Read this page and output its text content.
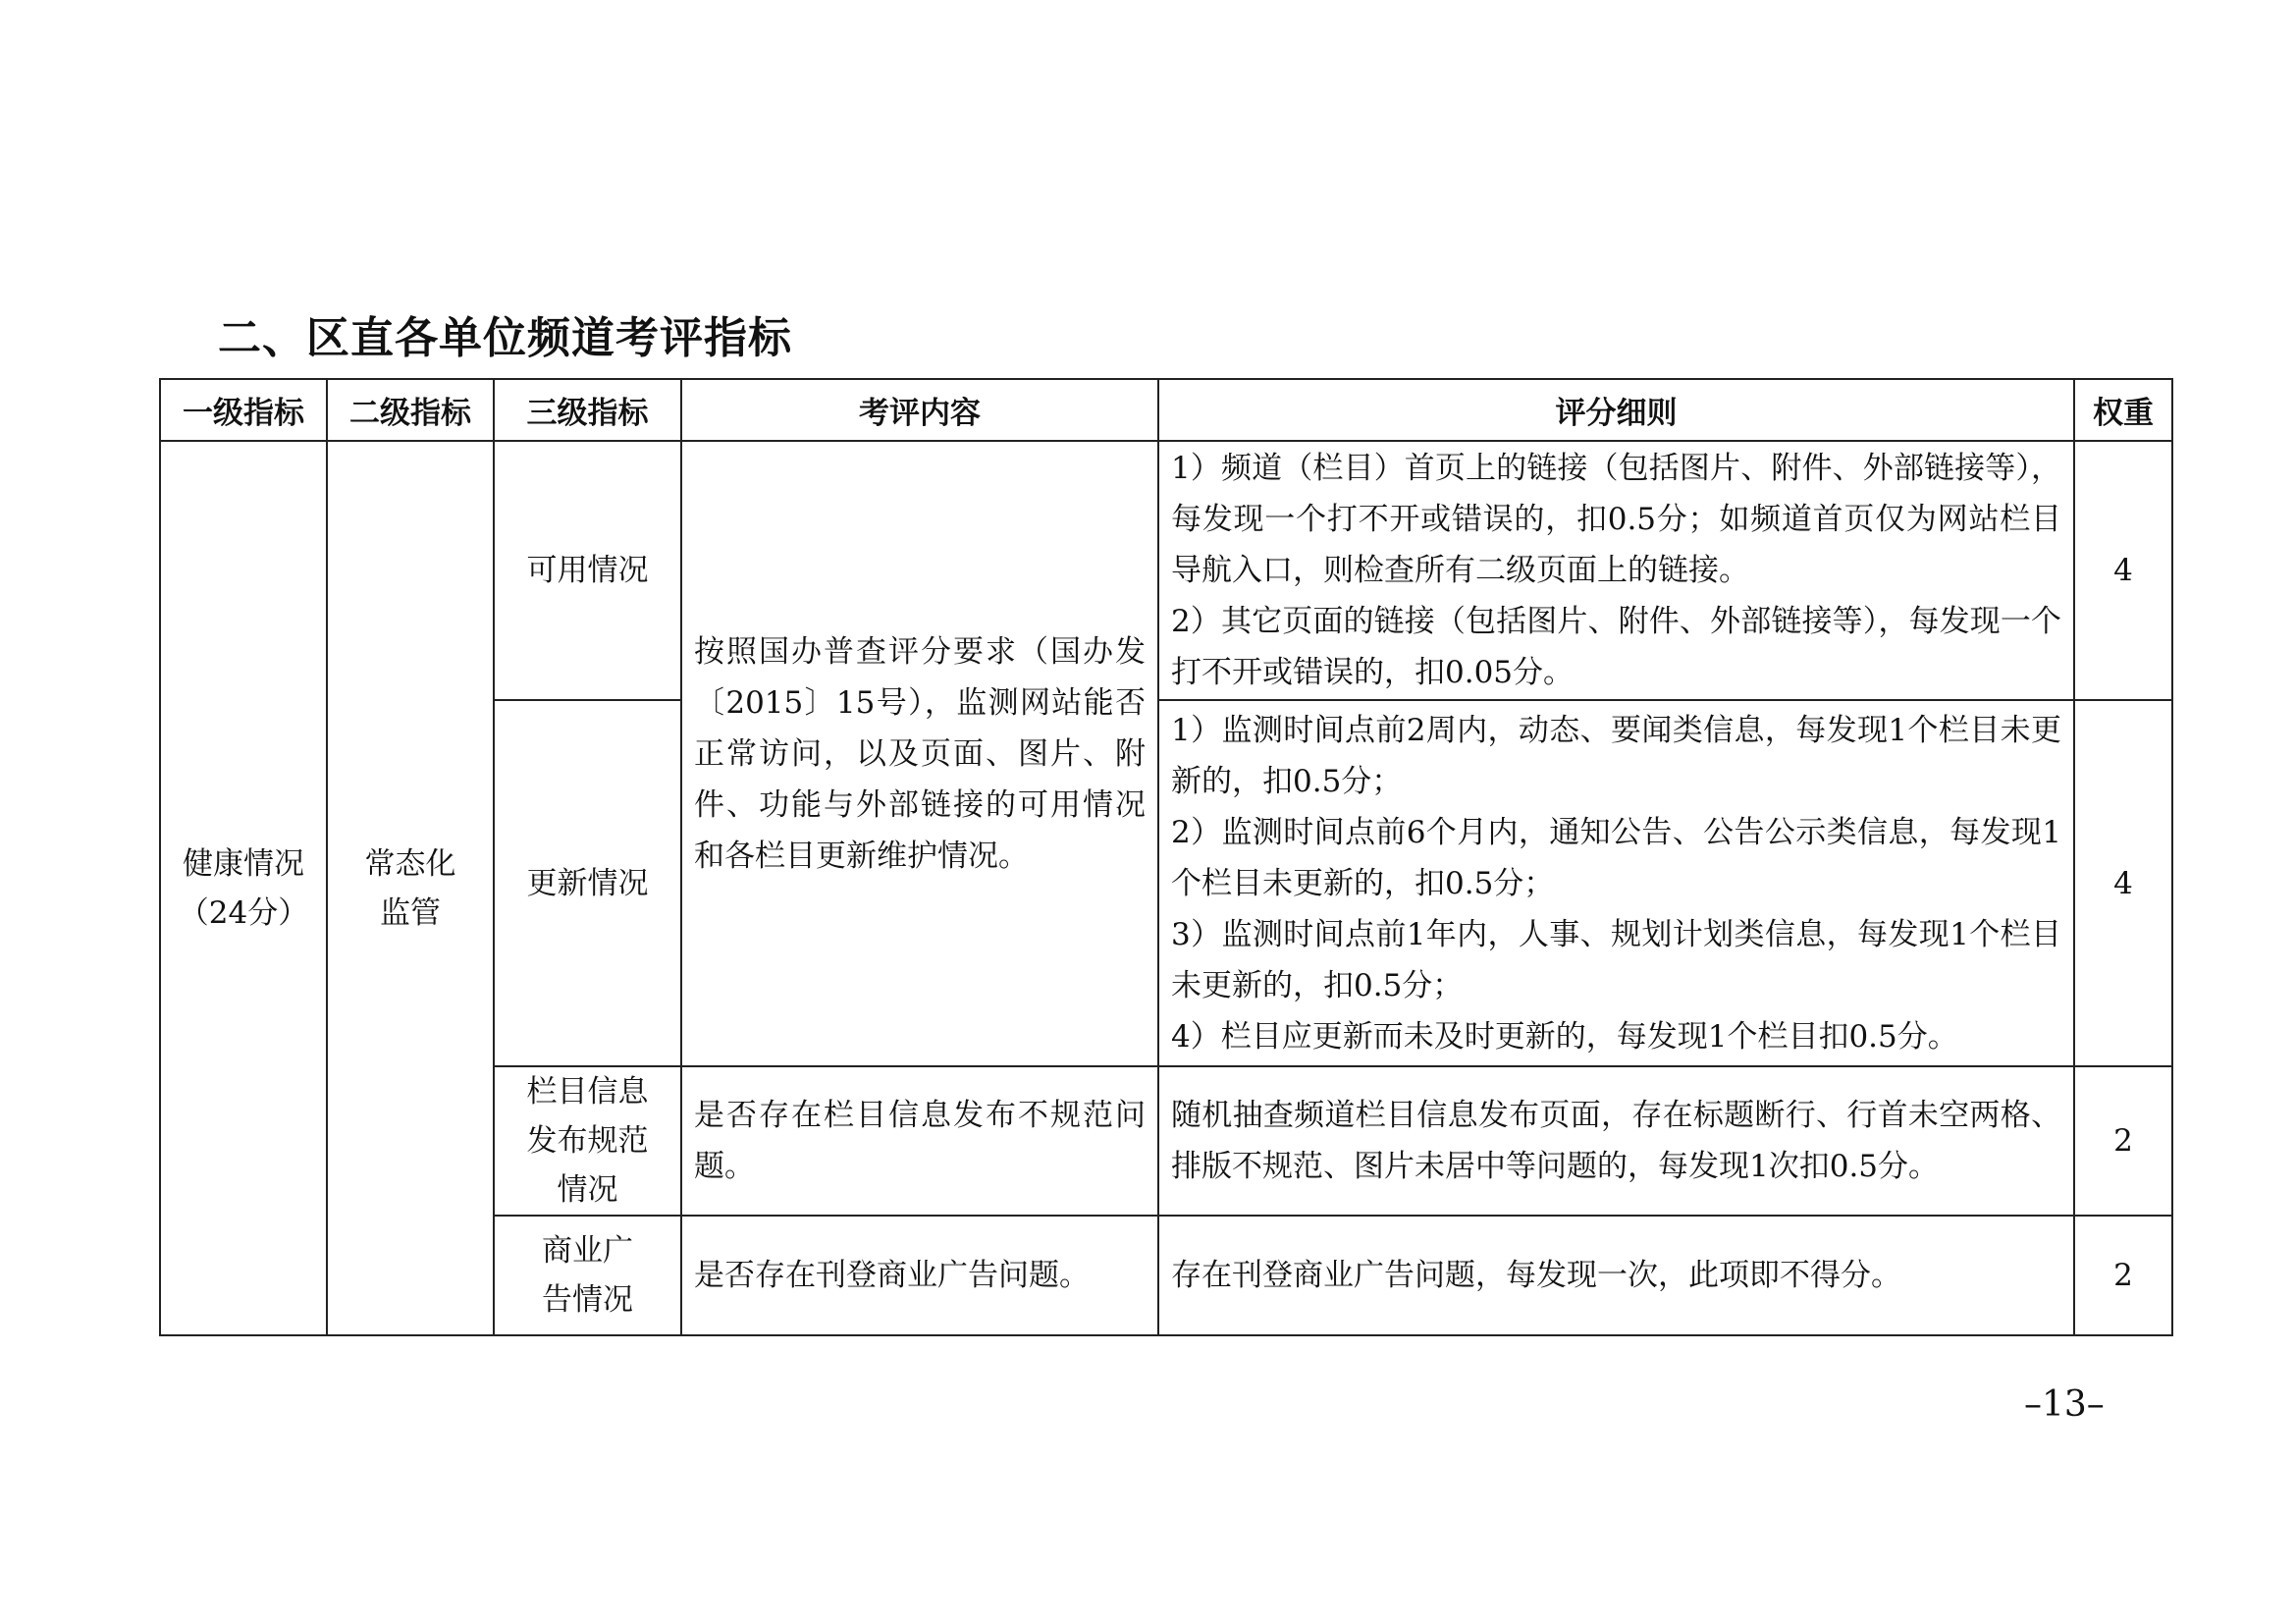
二、区直各单位频道考评指标
一级指标	二级指标	三级指标	考评内容	评分细则	权重
健康情况（24分）	常态化监管	可用情况	按照国办普查评分要求（国办发〔2015〕15号），监测网站能否正常访问，以及页面、图片、附件、功能与外部链接的可用情况和各栏目更新维护情况。	1）频道（栏目）首页上的链接（包括图片、附件、外部链接等），每发现一个打不开或错误的，扣0.5分；如频道首页仅为网站栏目导航入口，则检查所有二级页面上的链接。
2）其它页面的链接（包括图片、附件、外部链接等），每发现一个打不开或错误的，扣0.05分。	4
		更新情况		1）监测时间点前2周内，动态、要闻类信息，每发现1个栏目未更新的，扣0.5分；
2）监测时间点前6个月内，通知公告、公告公示类信息，每发现1个栏目未更新的，扣0.5分；
3）监测时间点前1年内，人事、规划计划类信息，每发现1个栏目未更新的，扣0.5分；
4）栏目应更新而未及时更新的，每发现1个栏目扣0.5分。	4
		栏目信息发布规范情况	是否存在栏目信息发布不规范问题。	随机抽查频道栏目信息发布页面，存在标题断行、行首未空两格、排版不规范、图片未居中等问题的，每发现1次扣0.5分。	2
		商业广告情况	是否存在刊登商业广告问题。	存在刊登商业广告问题，每发现一次，此项即不得分。	2
–13–
